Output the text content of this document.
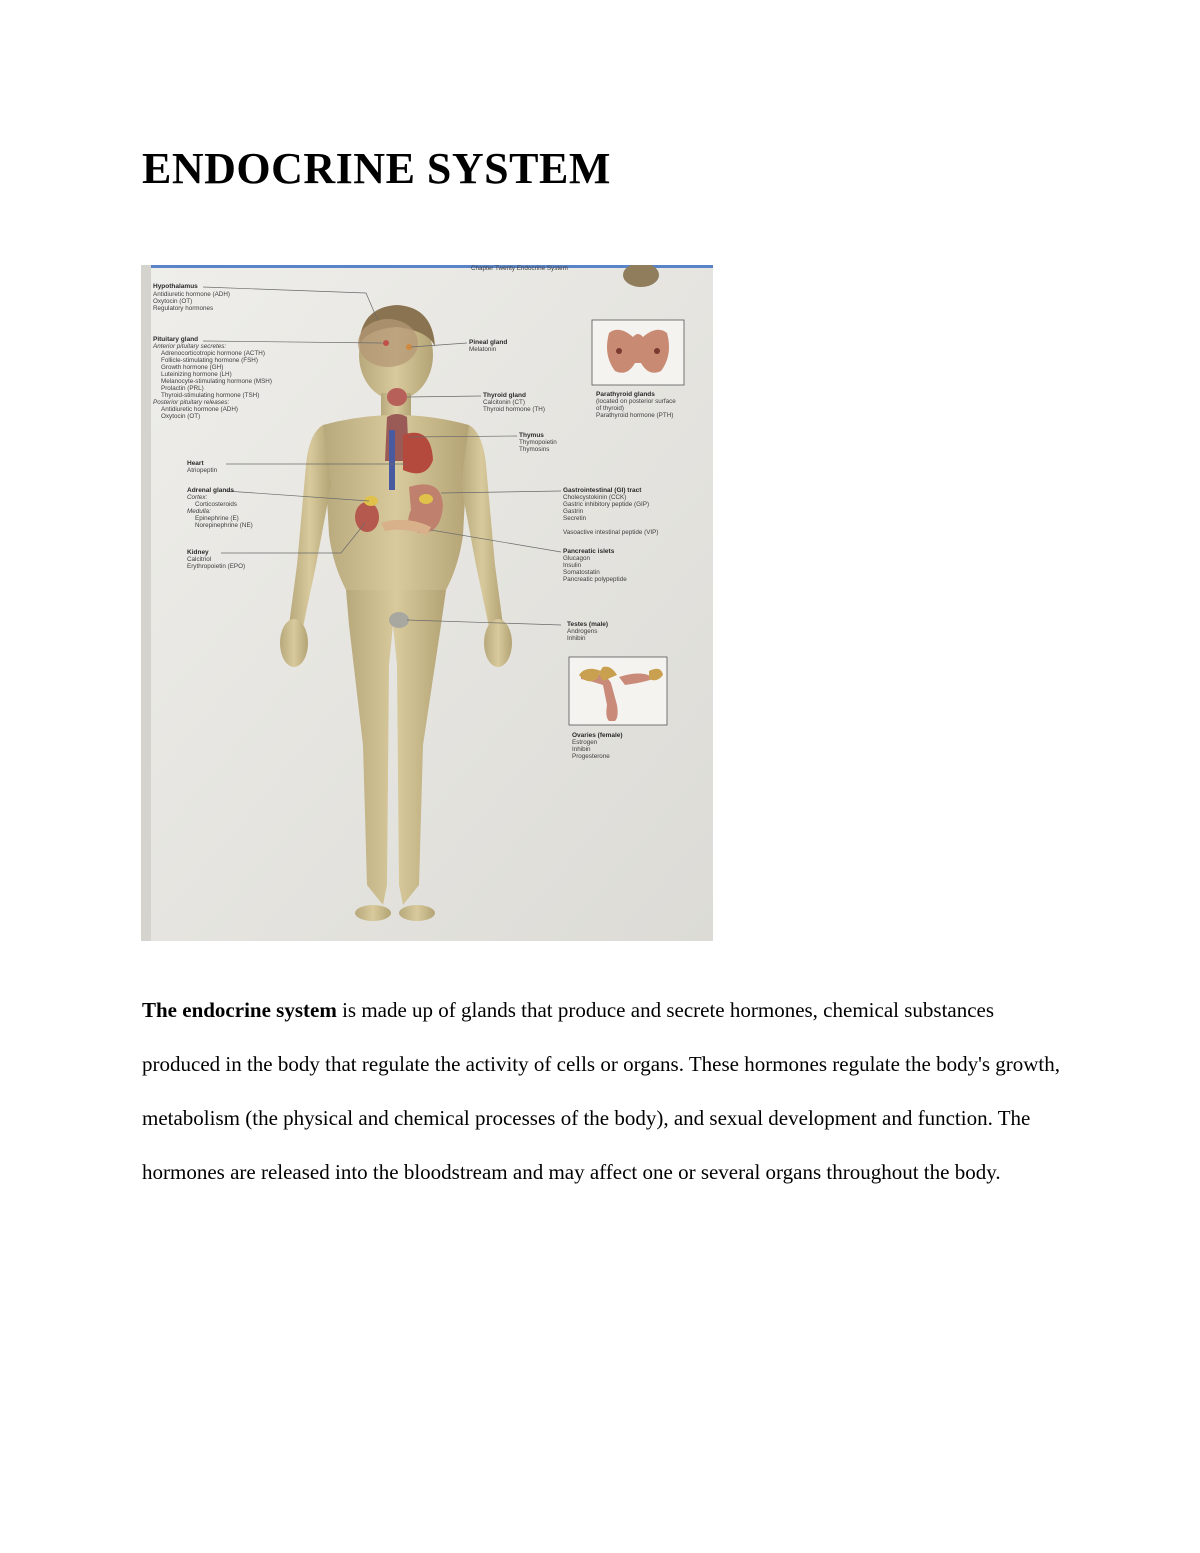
ENDOCRINE SYSTEM
Chapter Twenty Endocrine System
Hypothalamus
Antidiuretic hormone (ADH)
Oxytocin (OT)
Regulatory hormones
Pituitary gland
Anterior pituitary secretes:
Adrenocorticotropic hormone (ACTH)
Follicle-stimulating hormone (FSH)
Growth hormone (GH)
Luteinizing hormone (LH)
Melanocyte-stimulating hormone (MSH)
Prolactin (PRL)
Thyroid-stimulating hormone (TSH)
Posterior pituitary releases:
Antidiuretic hormone (ADH)
Oxytocin (OT)
Heart
Atriopeptin
Adrenal glands
Cortex:
Corticosteroids
Medulla:
Epinephrine (E)
Norepinephrine (NE)
Kidney
Calcitriol
Erythropoietin (EPO)
Pineal gland
Melatonin
Thyroid gland
Calcitonin (CT)
Thyroid hormone (TH)
Thymus
Thymopoietin
Thymosins
Gastrointestinal (GI) tract
Cholecystokinin (CCK)
Gastric inhibitory peptide (GIP)
Gastrin
Secretin
Vasoactive intestinal peptide (VIP)
Pancreatic islets
Glucagon
Insulin
Somatostatin
Pancreatic polypeptide
Testes (male)
Androgens
Inhibin
Parathyroid glands
(located on posterior surface
of thyroid)
Parathyroid hormone (PTH)
Ovaries (female)
Estrogen
Inhibin
Progesterone

The endocrine system is made up of glands that produce and secrete hormones, chemical substances produced in the body that regulate the activity of cells or organs. These hormones regulate the body's growth, metabolism (the physical and chemical processes of the body), and sexual development and function. The hormones are released into the bloodstream and may affect one or several organs throughout the body.
